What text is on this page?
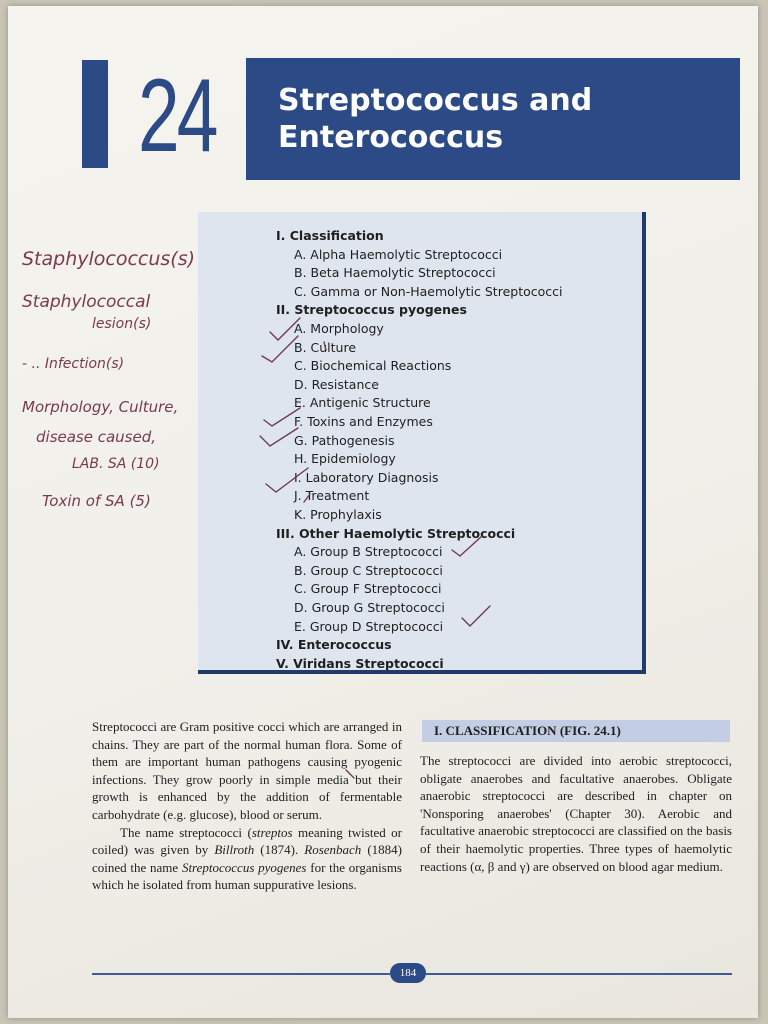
24 Streptococcus and
Enterococcus
I. Classification
A. Alpha Haemolytic Streptococci
B. Beta Haemolytic Streptococci
C. Gamma or Non-Haemolytic Streptococci
II. Streptococcus pyogenes
A. Morphology
B. Culture
C. Biochemical Reactions
D. Resistance
E. Antigenic Structure
F. Toxins and Enzymes
G. Pathogenesis
H. Epidemiology
I. Laboratory Diagnosis
J. Treatment
K. Prophylaxis
III. Other Haemolytic Streptococci
A. Group B Streptococci
B. Group C Streptococci
C. Group F Streptococci
D. Group G Streptococci
E. Group D Streptococci
IV. Enterococcus
V. Viridans Streptococci
Staphylococcus(s)
Staphylococcal
lesion(s)
- .. Infection(s)
Morphology, Culture,
disease caused,
LAB. SA (10)
Toxin of SA (5)

Streptococci are Gram positive cocci which are arranged in chains. They are part of the normal human flora. Some of them are important human pathogens causing pyogenic infections. They grow poorly in simple media but their growth is enhanced by the addition of fermentable carbohydrate (e.g. glucose), blood or serum.

The name streptococci (streptos meaning twisted or coiled) was given by Billroth (1874). Rosenbach (1884) coined the name Streptococcus pyogenes for the organisms which he isolated from human suppurative lesions.

I. CLASSIFICATION (FIG. 24.1)

The streptococci are divided into aerobic streptococci, obligate anaerobes and facultative anaerobes. Obligate anaerobic streptococci are described in chapter on 'Nonsporing anaerobes' (Chapter 30). Aerobic and facultative anaerobic streptococci are classified on the basis of their haemolytic properties. Three types of haemolytic reactions (α, β and γ) are observed on blood agar medium.

184
